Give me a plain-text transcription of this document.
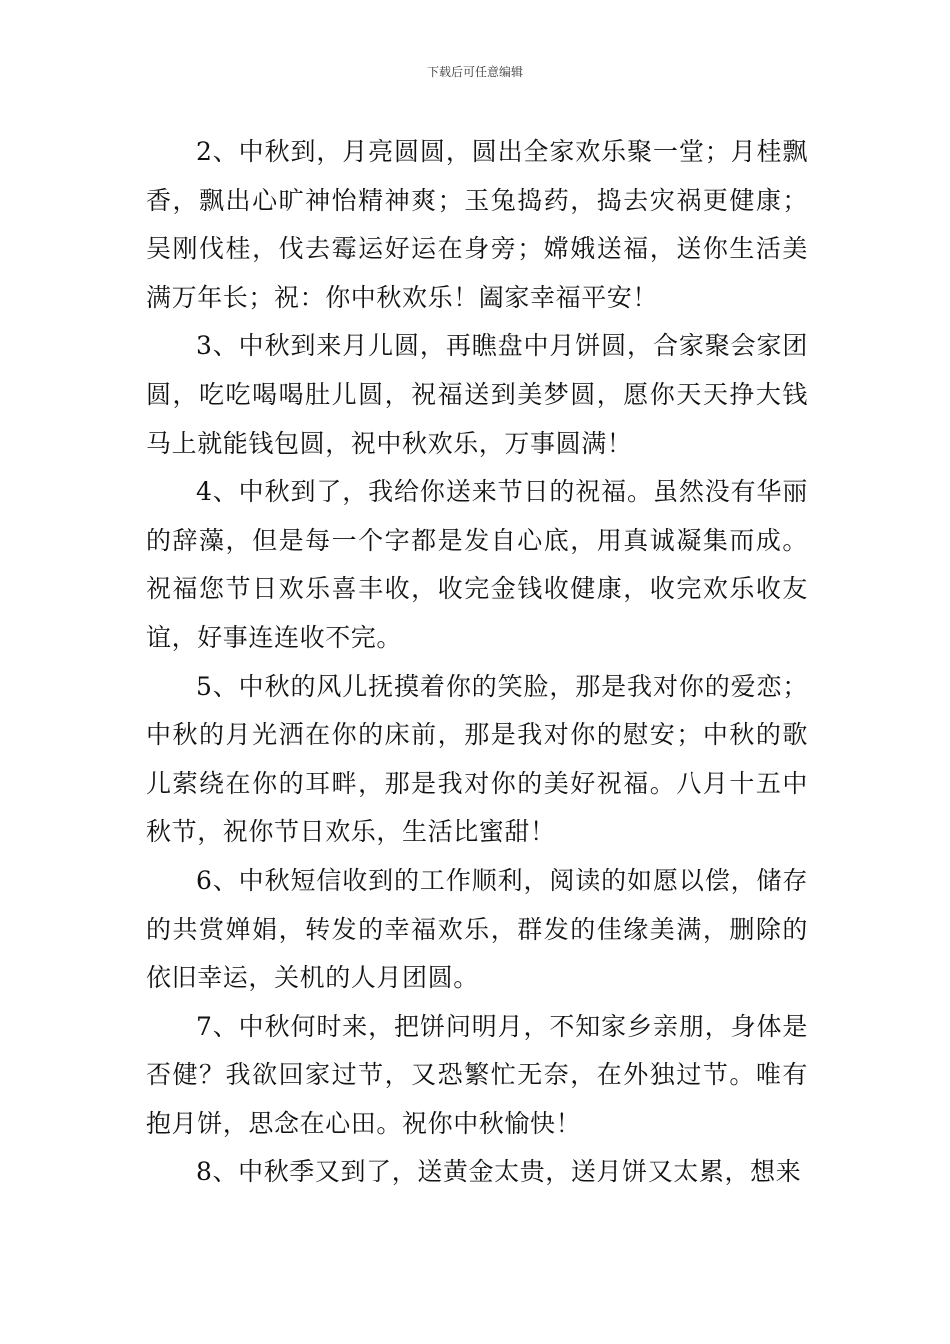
下载后可任意编辑

2、中秋到，月亮圆圆，圆出全家欢乐聚一堂；月桂飘香，飘出心旷神怡精神爽；玉兔捣药，捣去灾祸更健康；吴刚伐桂，伐去霉运好运在身旁；嫦娥送福，送你生活美满万年长；祝：你中秋欢乐！阖家幸福平安！

3、中秋到来月儿圆，再瞧盘中月饼圆，合家聚会家团圆，吃吃喝喝肚儿圆，祝福送到美梦圆，愿你天天挣大钱马上就能钱包圆，祝中秋欢乐，万事圆满！

4、中秋到了，我给你送来节日的祝福。虽然没有华丽的辞藻，但是每一个字都是发自心底，用真诚凝集而成。祝福您节日欢乐喜丰收，收完金钱收健康，收完欢乐收友谊，好事连连收不完。

5、中秋的风儿抚摸着你的笑脸，那是我对你的爱恋；中秋的月光洒在你的床前，那是我对你的慰安；中秋的歌儿萦绕在你的耳畔，那是我对你的美好祝福。八月十五中秋节，祝你节日欢乐，生活比蜜甜！

6、中秋短信收到的工作顺利，阅读的如愿以偿，储存的共赏婵娟，转发的幸福欢乐，群发的佳缘美满，删除的依旧幸运，关机的人月团圆。

7、中秋何时来，把饼问明月，不知家乡亲朋，身体是否健？我欲回家过节，又恐繁忙无奈，在外独过节。唯有抱月饼，思念在心田。祝你中秋愉快！

8、中秋季又到了，送黄金太贵，送月饼又太累，想来
